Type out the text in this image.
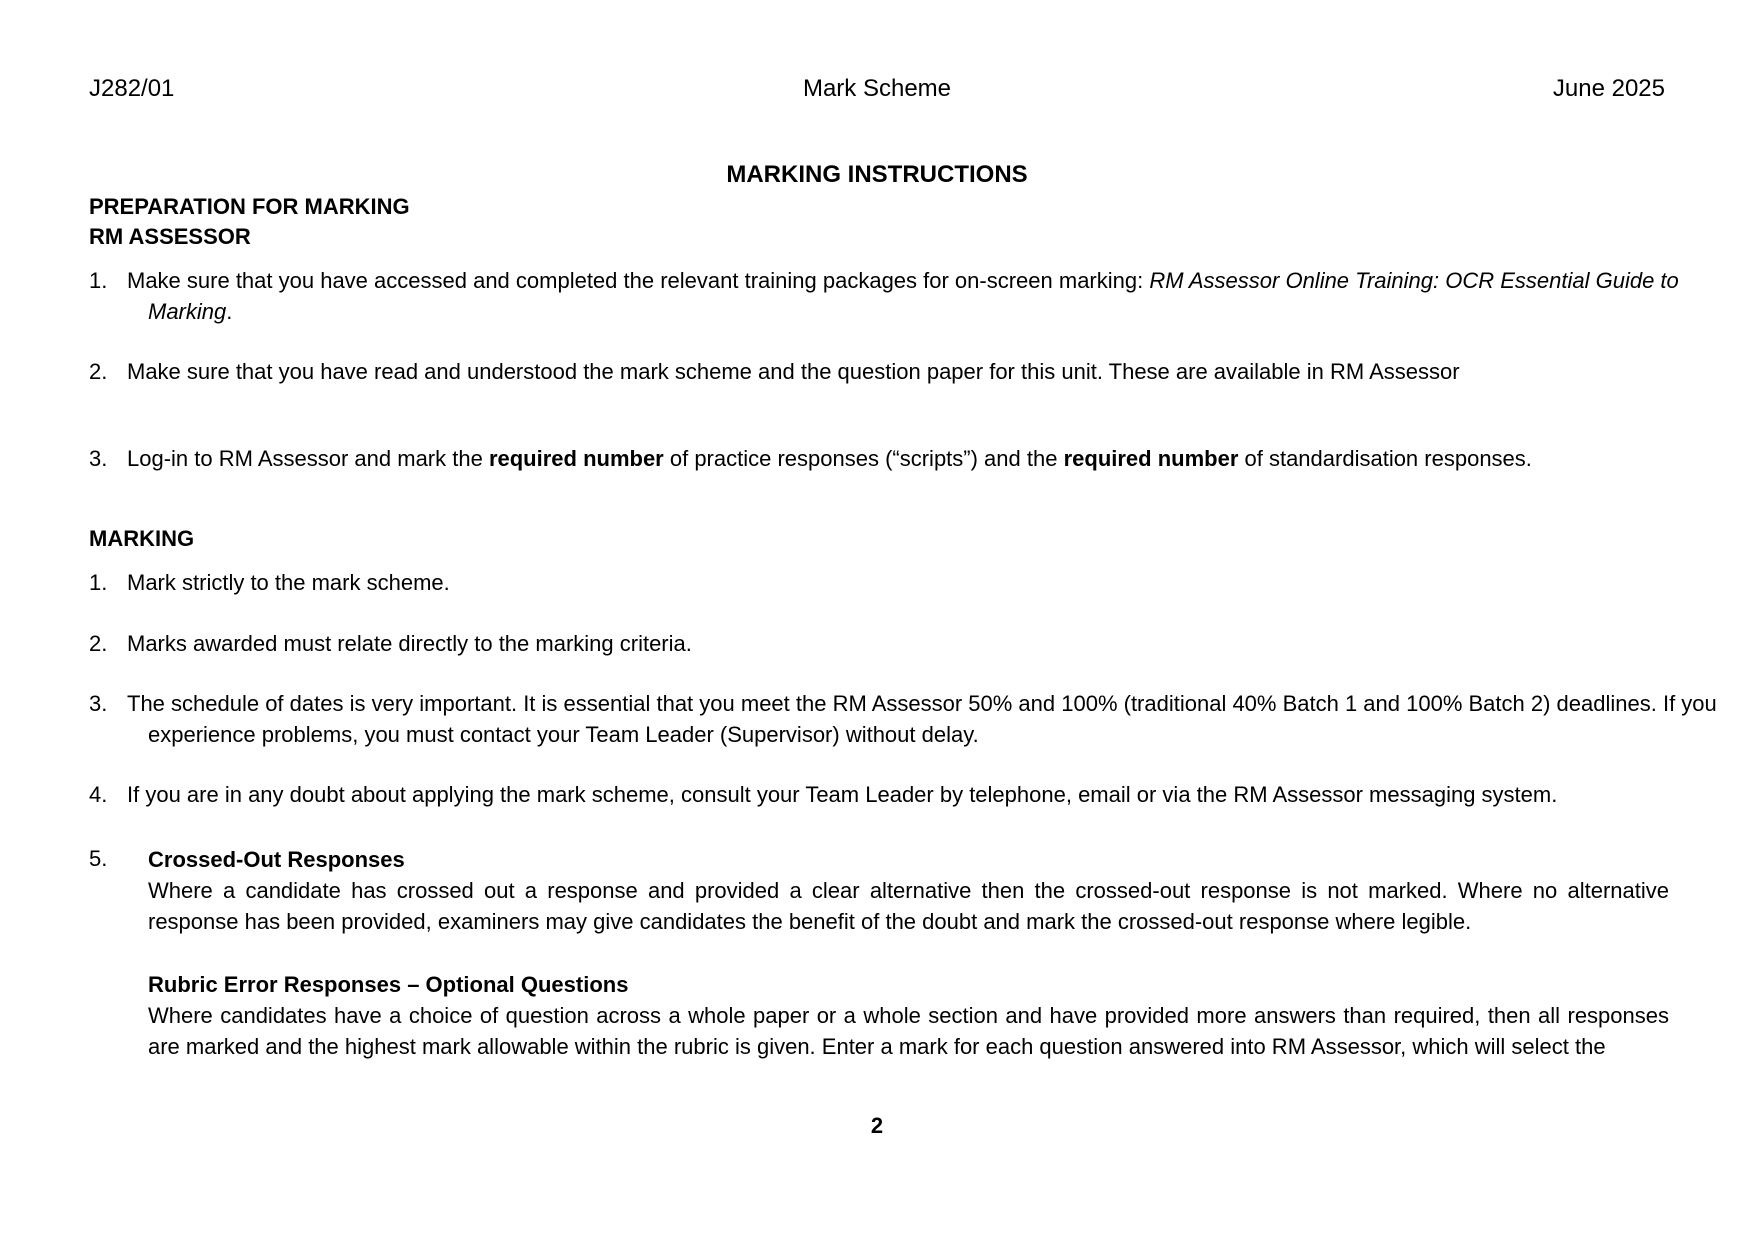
J282/01	Mark Scheme	June 2025
MARKING INSTRUCTIONS
PREPARATION FOR MARKING
RM ASSESSOR
1. Make sure that you have accessed and completed the relevant training packages for on-screen marking: RM Assessor Online Training: OCR Essential Guide to Marking.
2. Make sure that you have read and understood the mark scheme and the question paper for this unit. These are available in RM Assessor
3. Log-in to RM Assessor and mark the required number of practice responses (“scripts”) and the required number of standardisation responses.
MARKING
1. Mark strictly to the mark scheme.
2. Marks awarded must relate directly to the marking criteria.
3. The schedule of dates is very important. It is essential that you meet the RM Assessor 50% and 100% (traditional 40% Batch 1 and 100% Batch 2) deadlines. If you experience problems, you must contact your Team Leader (Supervisor) without delay.
4. If you are in any doubt about applying the mark scheme, consult your Team Leader by telephone, email or via the RM Assessor messaging system.
5. Crossed-Out Responses
Where a candidate has crossed out a response and provided a clear alternative then the crossed-out response is not marked. Where no alternative response has been provided, examiners may give candidates the benefit of the doubt and mark the crossed-out response where legible.
Rubric Error Responses – Optional Questions
Where candidates have a choice of question across a whole paper or a whole section and have provided more answers than required, then all responses are marked and the highest mark allowable within the rubric is given. Enter a mark for each question answered into RM Assessor, which will select the
2
